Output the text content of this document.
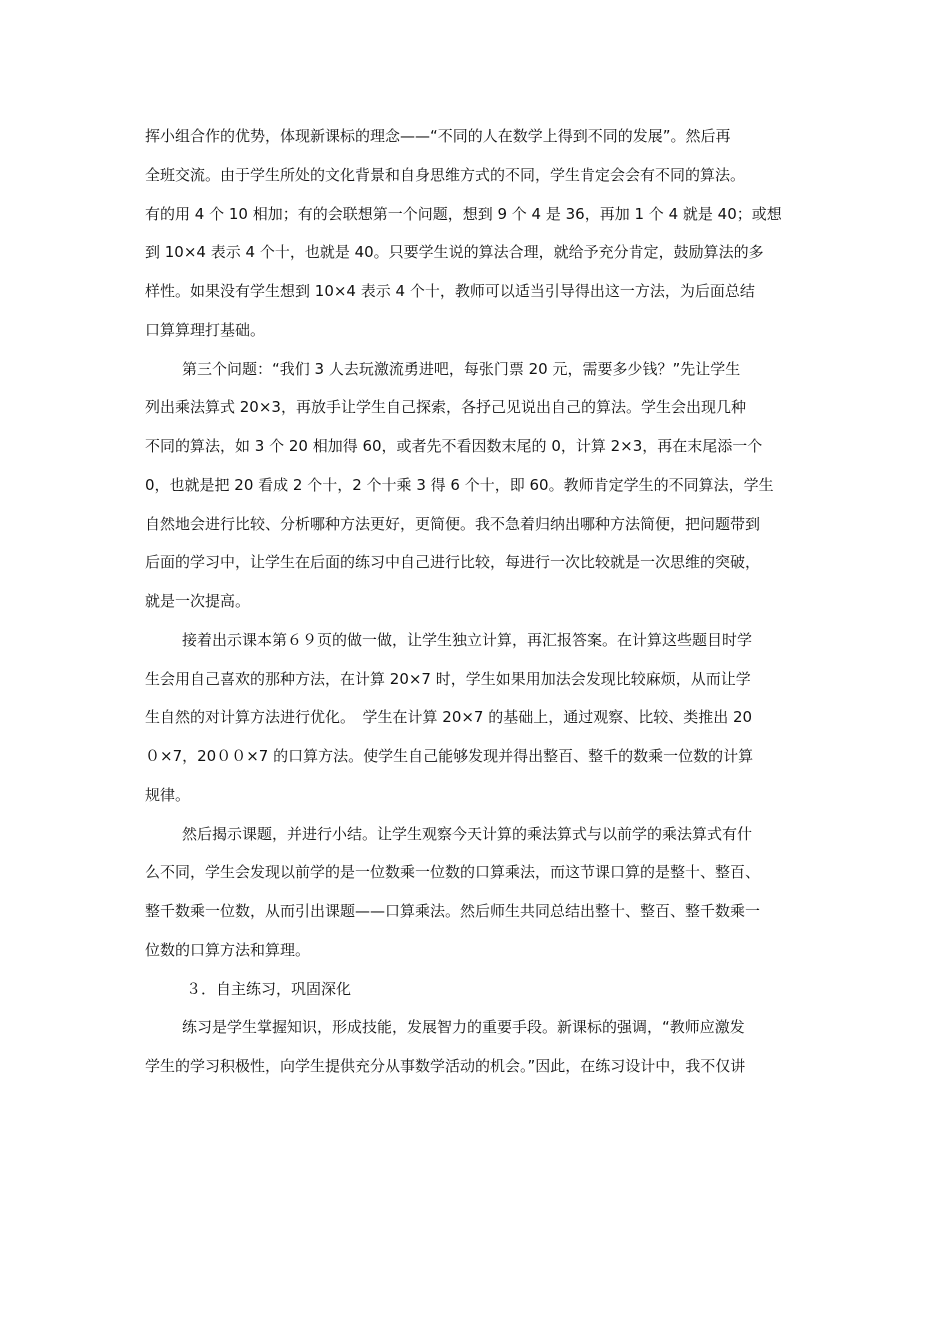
挥小组合作的优势，体现新课标的理念——“不同的人在数学上得到不同的发展”。然后再
全班交流。由于学生所处的文化背景和自身思维方式的不同，学生肯定会会有不同的算法。
有的用 4 个 10 相加；有的会联想第一个问题，想到 9 个 4 是 36，再加 1 个 4 就是 40；或想
到 10×4 表示 4 个十，也就是 40。只要学生说的算法合理，就给予充分肯定，鼓励算法的多
样性。如果没有学生想到 10×4 表示 4 个十，教师可以适当引导得出这一方法，为后面总结
口算算理打基础。
第三个问题：“我们 3 人去玩激流勇进吧，每张门票 20 元，需要多少钱？”先让学生
列出乘法算式 20×3，再放手让学生自己探索，各抒己见说出自己的算法。学生会出现几种
不同的算法，如 3 个 20 相加得 60，或者先不看因数末尾的 0，计算 2×3，再在末尾添一个
0，也就是把 20 看成 2 个十，2 个十乘 3 得 6 个十，即 60。教师肯定学生的不同算法，学生
自然地会进行比较、分析哪种方法更好，更简便。我不急着归纳出哪种方法简便，把问题带到
后面的学习中，让学生在后面的练习中自己进行比较，每进行一次比较就是一次思维的突破，
就是一次提高。
接着出示课本第６９页的做一做，让学生独立计算，再汇报答案。在计算这些题目时学
生会用自己喜欢的那种方法，在计算 20×7 时，学生如果用加法会发现比较麻烦，从而让学
生自然的对计算方法进行优化。　学生在计算 20×7 的基础上，通过观察、比较、类推出 20
０×7，20００×7 的口算方法。使学生自己能够发现并得出整百、整千的数乘一位数的计算
规律。
然后揭示课题，并进行小结。让学生观察今天计算的乘法算式与以前学的乘法算式有什
么不同，学生会发现以前学的是一位数乘一位数的口算乘法，而这节课口算的是整十、整百、
整千数乘一位数，从而引出课题——口算乘法。然后师生共同总结出整十、整百、整千数乘一
位数的口算方法和算理。
３．自主练习，巩固深化
练习是学生掌握知识，形成技能，发展智力的重要手段。新课标的强调，“教师应激发
学生的学习积极性，向学生提供充分从事数学活动的机会。”因此，在练习设计中，我不仅讲
